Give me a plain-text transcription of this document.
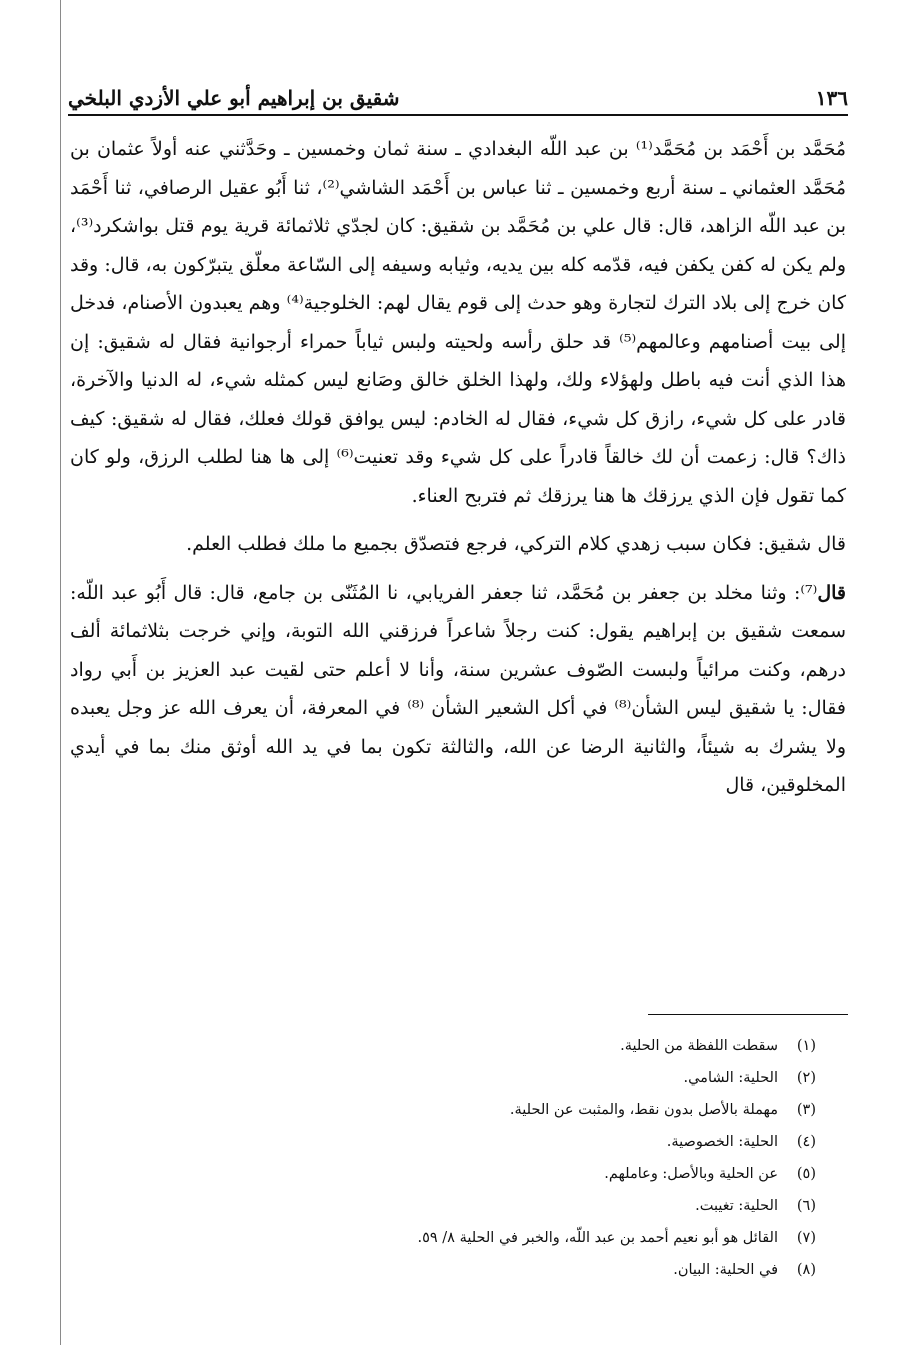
١٣٦
شقيق بن إبراهيم أبو علي الأزدي البلخي

مُحَمَّد بن أَحْمَد بن مُحَمَّد⁽¹⁾ بن عبد اللّه البغدادي ـ سنة ثمان وخمسين ـ وحَدَّثني عنه أولاً عثمان بن مُحَمَّد العثماني ـ سنة أربع وخمسين ـ ثنا عباس بن أَحْمَد الشاشي⁽²⁾، ثنا أَبُو عقيل الرصافي، ثنا أَحْمَد بن عبد اللّه الزاهد، قال: قال علي بن مُحَمَّد بن شقيق: كان لجدّي ثلاثمائة قرية يوم قتل بواشكرد⁽³⁾، ولم يكن له كفن يكفن فيه، قدّمه كله بين يديه، وثيابه وسيفه إلى السّاعة معلّق يتبرّكون به، قال: وقد كان خرج إلى بلاد الترك لتجارة وهو حدث إلى قوم يقال لهم: الخلوجية⁽⁴⁾ وهم يعبدون الأصنام، فدخل إلى بيت أصنامهم وعالمهم⁽⁵⁾ قد حلق رأسه ولحيته ولبس ثياباً حمراء أرجوانية فقال له شقيق: إن هذا الذي أنت فيه باطل ولهؤلاء ولك، ولهذا الخلق خالق وصَانع ليس كمثله شيء، له الدنيا والآخرة، قادر على كل شيء، رازق كل شيء، فقال له الخادم: ليس يوافق قولك فعلك، فقال له شقيق: كيف ذاك؟ قال: زعمت أن لك خالقاً قادراً على كل شيء وقد تعنيت⁽⁶⁾ إلى ها هنا لطلب الرزق، ولو كان كما تقول فإن الذي يرزقك ها هنا يرزقك ثم فتربح العناء.

قال شقيق: فكان سبب زهدي كلام التركي، فرجع فتصدّق بجميع ما ملك فطلب العلم.

قال⁽⁷⁾: وثنا مخلد بن جعفر بن مُحَمَّد، ثنا جعفر الفريابي، نا المُثَنّى بن جامع، قال: قال أَبُو عبد اللّه: سمعت شقيق بن إبراهيم يقول: كنت رجلاً شاعراً فرزقني الله التوبة، وإني خرجت بثلاثمائة ألف درهم، وكنت مرائياً ولبست الصّوف عشرين سنة، وأنا لا أعلم حتى لقيت عبد العزيز بن أَبي رواد فقال: يا شقيق ليس الشأن⁽⁸⁾ في أكل الشعير الشأن ⁽⁸⁾ في المعرفة، أن يعرف الله عز وجل يعبده ولا يشرك به شيئاً، والثانية الرضا عن الله، والثالثة تكون بما في يد الله أوثق منك بما في أيدي المخلوقين، قال

(١)
سقطت اللفظة من الحلية.
(٢)
الحلية: الشامي.
(٣)
مهملة بالأصل بدون نقط، والمثبت عن الحلية.
(٤)
الحلية: الخصوصية.
(٥)
عن الحلية وبالأصل: وعاملهم.
(٦)
الحلية: تغيبت.
(٧)
القائل هو أبو نعيم أحمد بن عبد اللّه، والخبر في الحلية ٨/ ٥٩.
(٨)
في الحلية: البيان.
